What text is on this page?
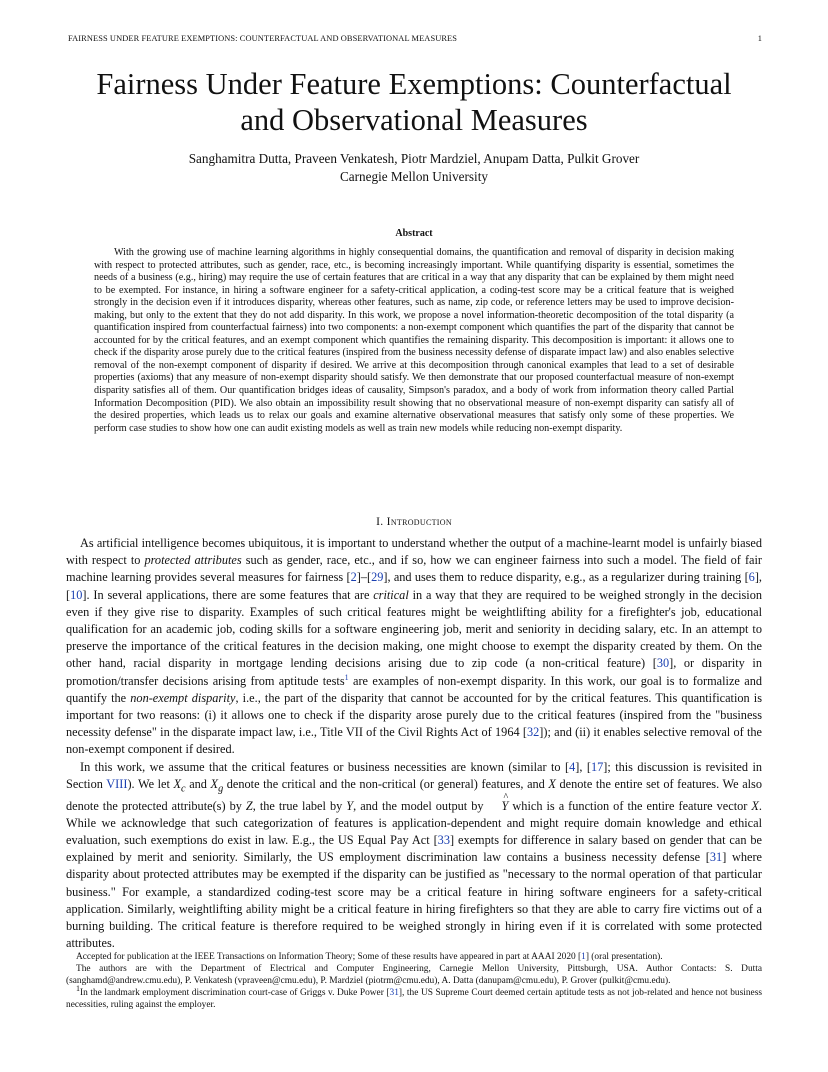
FAIRNESS UNDER FEATURE EXEMPTIONS: COUNTERFACTUAL AND OBSERVATIONAL MEASURES	1
Fairness Under Feature Exemptions: Counterfactual
and Observational Measures
Sanghamitra Dutta, Praveen Venkatesh, Piotr Mardziel, Anupam Datta, Pulkit Grover
Carnegie Mellon University
Abstract
With the growing use of machine learning algorithms in highly consequential domains, the quantification and removal of disparity in decision making with respect to protected attributes, such as gender, race, etc., is becoming increasingly important. While quantifying disparity is essential, sometimes the needs of a business (e.g., hiring) may require the use of certain features that are critical in a way that any disparity that can be explained by them might need to be exempted. For instance, in hiring a software engineer for a safety-critical application, a coding-test score may be a critical feature that is weighed strongly in the decision even if it introduces disparity, whereas other features, such as name, zip code, or reference letters may be used to improve decision-making, but only to the extent that they do not add disparity. In this work, we propose a novel information-theoretic decomposition of the total disparity (a quantification inspired from counterfactual fairness) into two components: a non-exempt component which quantifies the part of the disparity that cannot be accounted for by the critical features, and an exempt component which quantifies the remaining disparity. This decomposition is important: it allows one to check if the disparity arose purely due to the critical features (inspired from the business necessity defense of disparate impact law) and also enables selective removal of the non-exempt component of disparity if desired. We arrive at this decomposition through canonical examples that lead to a set of desirable properties (axioms) that any measure of non-exempt disparity should satisfy. We then demonstrate that our proposed counterfactual measure of non-exempt disparity satisfies all of them. Our quantification bridges ideas of causality, Simpson's paradox, and a body of work from information theory called Partial Information Decomposition (PID). We also obtain an impossibility result showing that no observational measure of non-exempt disparity can satisfy all of the desired properties, which leads us to relax our goals and examine alternative observational measures that satisfy only some of these properties. We perform case studies to show how one can audit existing models as well as train new models while reducing non-exempt disparity.
I. Introduction

As artificial intelligence becomes ubiquitous, it is important to understand whether the output of a machine-learnt model is unfairly biased with respect to protected attributes such as gender, race, etc., and if so, how we can engineer fairness into such a model. The field of fair machine learning provides several measures for fairness [2]–[29], and uses them to reduce disparity, e.g., as a regularizer during training [6], [10]. In several applications, there are some features that are critical in a way that they are required to be weighed strongly in the decision even if they give rise to disparity. Examples of such critical features might be weightlifting ability for a firefighter's job, educational qualification for an academic job, coding skills for a software engineering job, merit and seniority in deciding salary, etc. In an attempt to preserve the importance of the critical features in the decision making, one might choose to exempt the disparity created by them. On the other hand, racial disparity in mortgage lending decisions arising due to zip code (a non-critical feature) [30], or disparity in promotion/transfer decisions arising from aptitude tests$^1$ are examples of non-exempt disparity. In this work, our goal is to formalize and quantify the non-exempt disparity, i.e., the part of the disparity that cannot be accounted for by the critical features. This quantification is important for two reasons: (i) it allows one to check if the disparity arose purely due to the critical features (inspired from the "business necessity defense" in the disparate impact law, i.e., Title VII of the Civil Rights Act of 1964 [32]); and (ii) it enables selective removal of the non-exempt component if desired.

In this work, we assume that the critical features or business necessities are known (similar to [4], [17]; this discussion is revisited in Section VIII). We let $X_c$ and $X_g$ denote the critical and the non-critical (or general) features, and X denote the entire set of features. We also denote the protected attribute(s) by Z, the true label by Y, and the model output by ^ Y which is a function of the entire feature vector X. While we acknowledge that such categorization of features is application-dependent and might require domain knowledge and ethical evaluation, such exemptions do exist in law. E.g., the US Equal Pay Act [33] exempts for difference in salary based on gender that can be explained by merit and seniority. Similarly, the US employment discrimination law contains a business necessity defense [31] where disparity about protected attributes may be exempted if the disparity can be justified as "necessary to the normal operation of that particular business." For example, a standardized coding-test score may be a critical feature in hiring software engineers for a safety-critical application. Similarly, weightlifting ability might be a critical feature in hiring firefighters so that they are able to carry fire victims out of a burning building. The critical feature is therefore required to be weighed strongly in hiring even if it is correlated with some protected attributes.

Accepted for publication at the IEEE Transactions on Information Theory; Some of these results have appeared in part at AAAI 2020 [1] (oral presentation).

The authors are with the Department of Electrical and Computer Engineering, Carnegie Mellon University, Pittsburgh, USA. Author Contacts: S. Dutta (sanghamd@andrew.cmu.edu), P. Venkatesh (vpraveen@cmu.edu), P. Mardziel (piotrm@cmu.edu), A. Datta (danupam@cmu.edu), P. Grover (pulkit@cmu.edu).

$^1$In the landmark employment discrimination court-case of Griggs v. Duke Power [31], the US Supreme Court deemed certain aptitude tests as not job-related and hence not business necessities, ruling against the employer.
